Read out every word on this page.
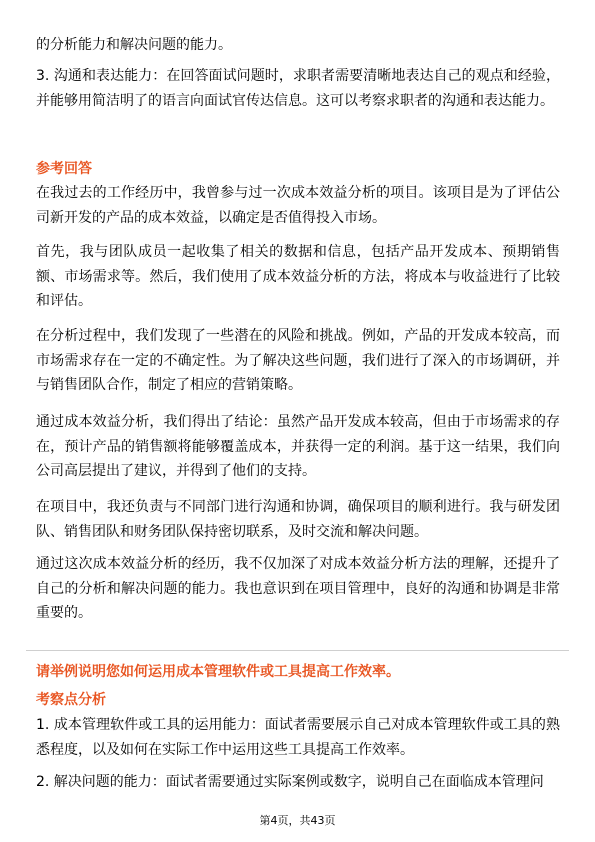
的分析能力和解决问题的能力。

3. 沟通和表达能力：在回答面试问题时，求职者需要清晰地表达自己的观点和经验，并能够用简洁明了的语言向面试官传达信息。这可以考察求职者的沟通和表达能力。

参考回答

在我过去的工作经历中，我曾参与过一次成本效益分析的项目。该项目是为了评估公司新开发的产品的成本效益，以确定是否值得投入市场。

首先，我与团队成员一起收集了相关的数据和信息，包括产品开发成本、预期销售额、市场需求等。然后，我们使用了成本效益分析的方法，将成本与收益进行了比较和评估。

在分析过程中，我们发现了一些潜在的风险和挑战。例如，产品的开发成本较高，而市场需求存在一定的不确定性。为了解决这些问题，我们进行了深入的市场调研，并与销售团队合作，制定了相应的营销策略。

通过成本效益分析，我们得出了结论：虽然产品开发成本较高，但由于市场需求的存在，预计产品的销售额将能够覆盖成本，并获得一定的利润。基于这一结果，我们向公司高层提出了建议，并得到了他们的支持。

在项目中，我还负责与不同部门进行沟通和协调，确保项目的顺利进行。我与研发团队、销售团队和财务团队保持密切联系，及时交流和解决问题。

通过这次成本效益分析的经历，我不仅加深了对成本效益分析方法的理解，还提升了自己的分析和解决问题的能力。我也意识到在项目管理中，良好的沟通和协调是非常重要的。

请举例说明您如何运用成本管理软件或工具提高工作效率。

考察点分析

1. 成本管理软件或工具的运用能力：面试者需要展示自己对成本管理软件或工具的熟悉程度，以及如何在实际工作中运用这些工具提高工作效率。

2. 解决问题的能力：面试者需要通过实际案例或数字，说明自己在面临成本管理问

第4页，共43页
